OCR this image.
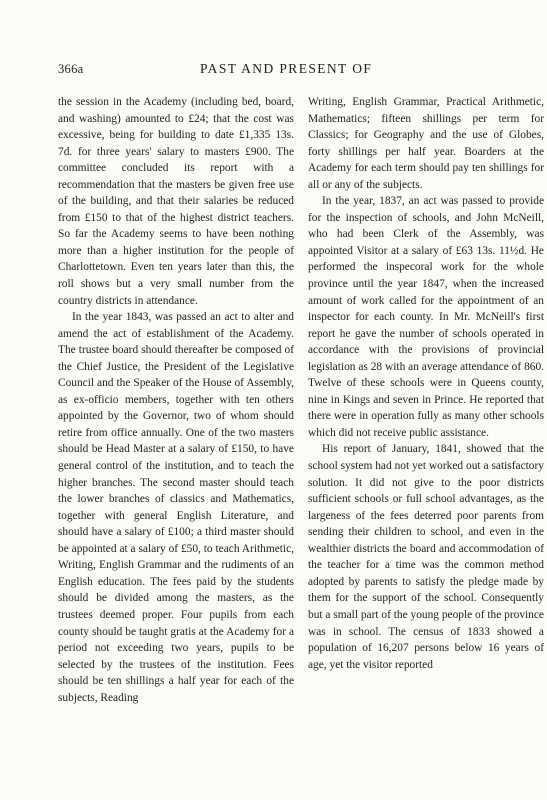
366a	PAST AND PRESENT OF

the session in the Academy (including bed, board, and washing) amounted to £24; that the cost was excessive, being for building to date £1,335 13s. 7d. for three years' salary to masters £900. The committee concluded its report with a recommendation that the masters be given free use of the building, and that their salaries be reduced from £150 to that of the highest district teachers. So far the Academy seems to have been nothing more than a higher institution for the people of Charlottetown. Even ten years later than this, the roll shows but a very small number from the country districts in attendance.

In the year 1843, was passed an act to alter and amend the act of establishment of the Academy. The trustee board should thereafter be composed of the Chief Justice, the President of the Legislative Council and the Speaker of the House of Assembly, as ex-officio members, together with ten others appointed by the Governor, two of whom should retire from office annually. One of the two masters should be Head Master at a salary of £150, to have general control of the institution, and to teach the higher branches. The second master should teach the lower branches of classics and Mathematics, together with general English Literature, and should have a salary of £100; a third master should be appointed at a salary of £50, to teach Arithmetic, Writing, English Grammar and the rudiments of an English education. The fees paid by the students should be divided among the masters, as the trustees deemed proper. Four pupils from each county should be taught gratis at the Academy for a period not exceeding two years, pupils to be selected by the trustees of the institution. Fees should be ten shillings a half year for each of the subjects, Reading

Writing, English Grammar, Practical Arithmetic, Mathematics; fifteen shillings per term for Classics; for Geography and the use of Globes, forty shillings per half year. Boarders at the Academy for each term should pay ten shillings for all or any of the subjects.

In the year, 1837, an act was passed to provide for the inspection of schools, and John McNeill, who had been Clerk of the Assembly, was appointed Visitor at a salary of £63 13s. 11½d. He performed the inspecoral work for the whole province until the year 1847, when the increased amount of work called for the appointment of an inspector for each county. In Mr. McNeill's first report he gave the number of schools operated in accordance with the provisions of provincial legislation as 28 with an average attendance of 860. Twelve of these schools were in Queens county, nine in Kings and seven in Prince. He reported that there were in operation fully as many other schools which did not receive public assistance.

His report of January, 1841, showed that the school system had not yet worked out a satisfactory solution. It did not give to the poor districts sufficient schools or full school advantages, as the largeness of the fees deterred poor parents from sending their children to school, and even in the wealthier districts the board and accommodation of the teacher for a time was the common method adopted by parents to satisfy the pledge made by them for the support of the school. Consequently but a small part of the young people of the province was in school. The census of 1833 showed a population of 16,207 persons below 16 years of age, yet the visitor reported
